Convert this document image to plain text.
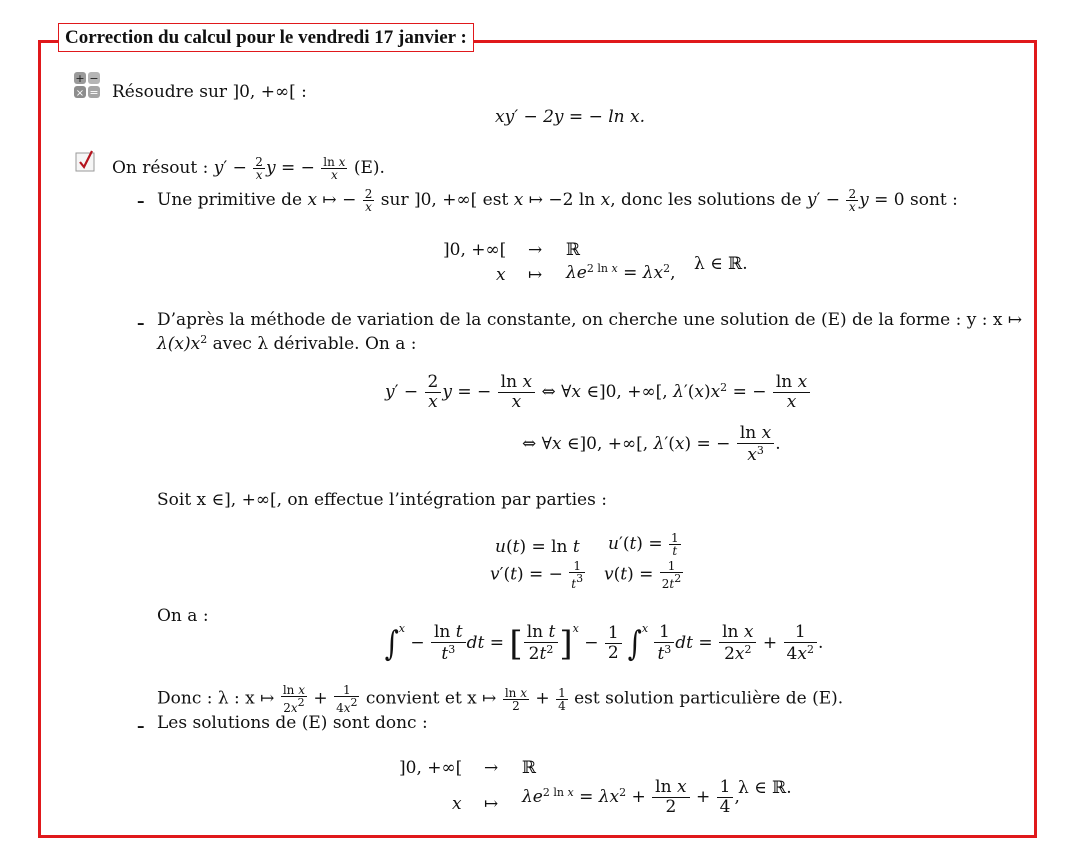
Correction du calcul pour le vendredi 17 janvier :
+ −
× = Résoudre sur ]0, +∞[ :
xy′ − 2y = − ln x.
On résout : $y' - \frac{2}{x}$ y = − $\frac{\text{ln x}}{x} (E)$.
– Une primitive de x ↦ − $\frac{2}{x}$ sur ]0, +∞[ est x ↦ −2 ln x, donc les solutions de $y' - \frac{2}{x}$ y = 0 sont :
]0, +∞[ → ℝ
x ↦ $\lambda e^{2 ln x} = \lambda x^2$, λ ∈ ℝ.
– D’après la méthode de variation de la constante, on cherche une solution de (E) de la forme : y : x ↦
$\lambda(x)x^2$ avec λ dérivable. On a :
$y' - \frac{2}{x}$ y = − $\frac{\text{ln x}}{x}$ ⇔ ∀x ∈]0, +∞[, $\lambda'(x)x^2$ = − $\frac{\text{ln x}}{x}$
⇔ ∀x ∈]0, +∞[, λ′(x) = − $\frac{\text{ln x}}{x^3}$ .
Soit x ∈], +∞[, on effectue l’intégration par parties :
u(t) = ln t $u'(t) = \frac{1}{t}$
v′(t) = − $\frac{1}{t^3} v(t) = \frac{1}{2t^2}$
On a :
$\int^x - \frac{\text{ln t}}{t^3}$ dt = [ $\frac{\text{ln t}}{2t^2} ]^x - \frac{1}{2} \int^x \frac{1}{t^3}$ dt = $\frac{\text{ln x}}{2x^2} + \frac{1}{4x^2}$ .
Donc : λ : x ↦ $\frac{\text{ln x}}{2x^2} + \frac{1}{4x^2}$ convient et x ↦ $\frac{\text{ln x}}{2} + \frac{1}{4}$ est solution particulière de (E).
– Les solutions de (E) sont donc :
]0, +∞[ → ℝ
x ↦ $\lambda e^{2 ln x} = \lambda x^2 + \frac{\text{ln x}}{2} + \frac{1}{4}$ ,
λ ∈ ℝ.
